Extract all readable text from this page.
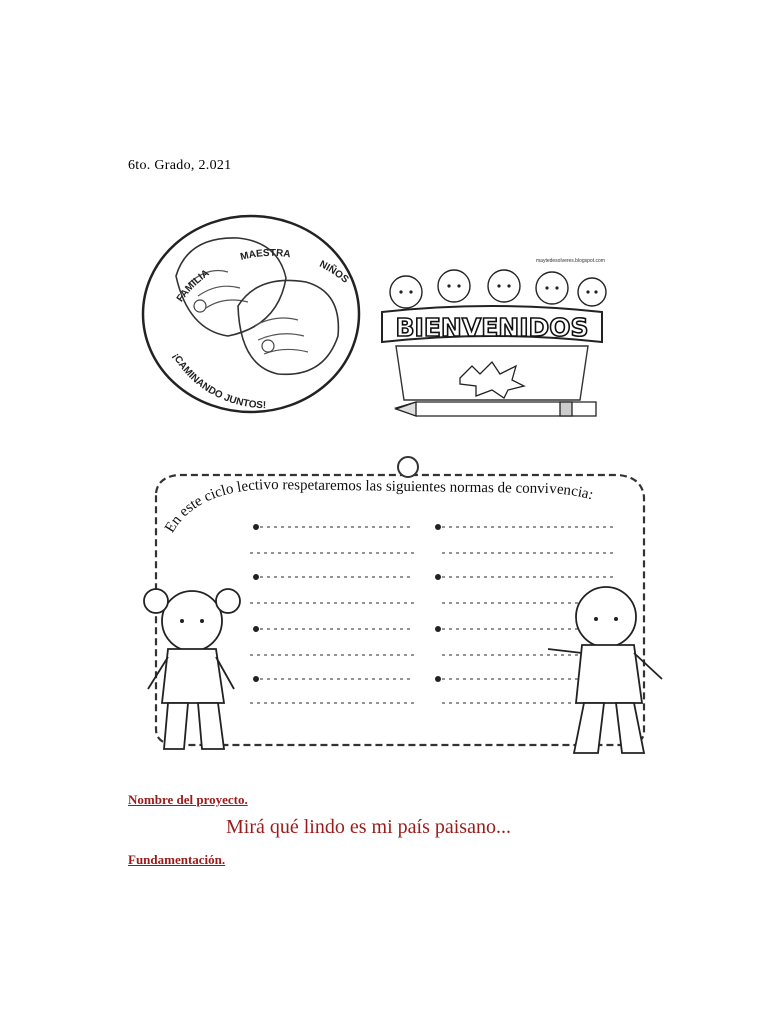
6to. Grado, 2.021
FAMILIA
MAESTRA
NIÑOS
¡CAMINANDO JUNTOS!
maytedesolveres.blogspot.com
BIENVENIDOS
En este ciclo lectivo respetaremos las siguientes normas de convivencia:
Nombre del proyecto.
Mirá qué lindo es mi país paisano...
Fundamentación.
